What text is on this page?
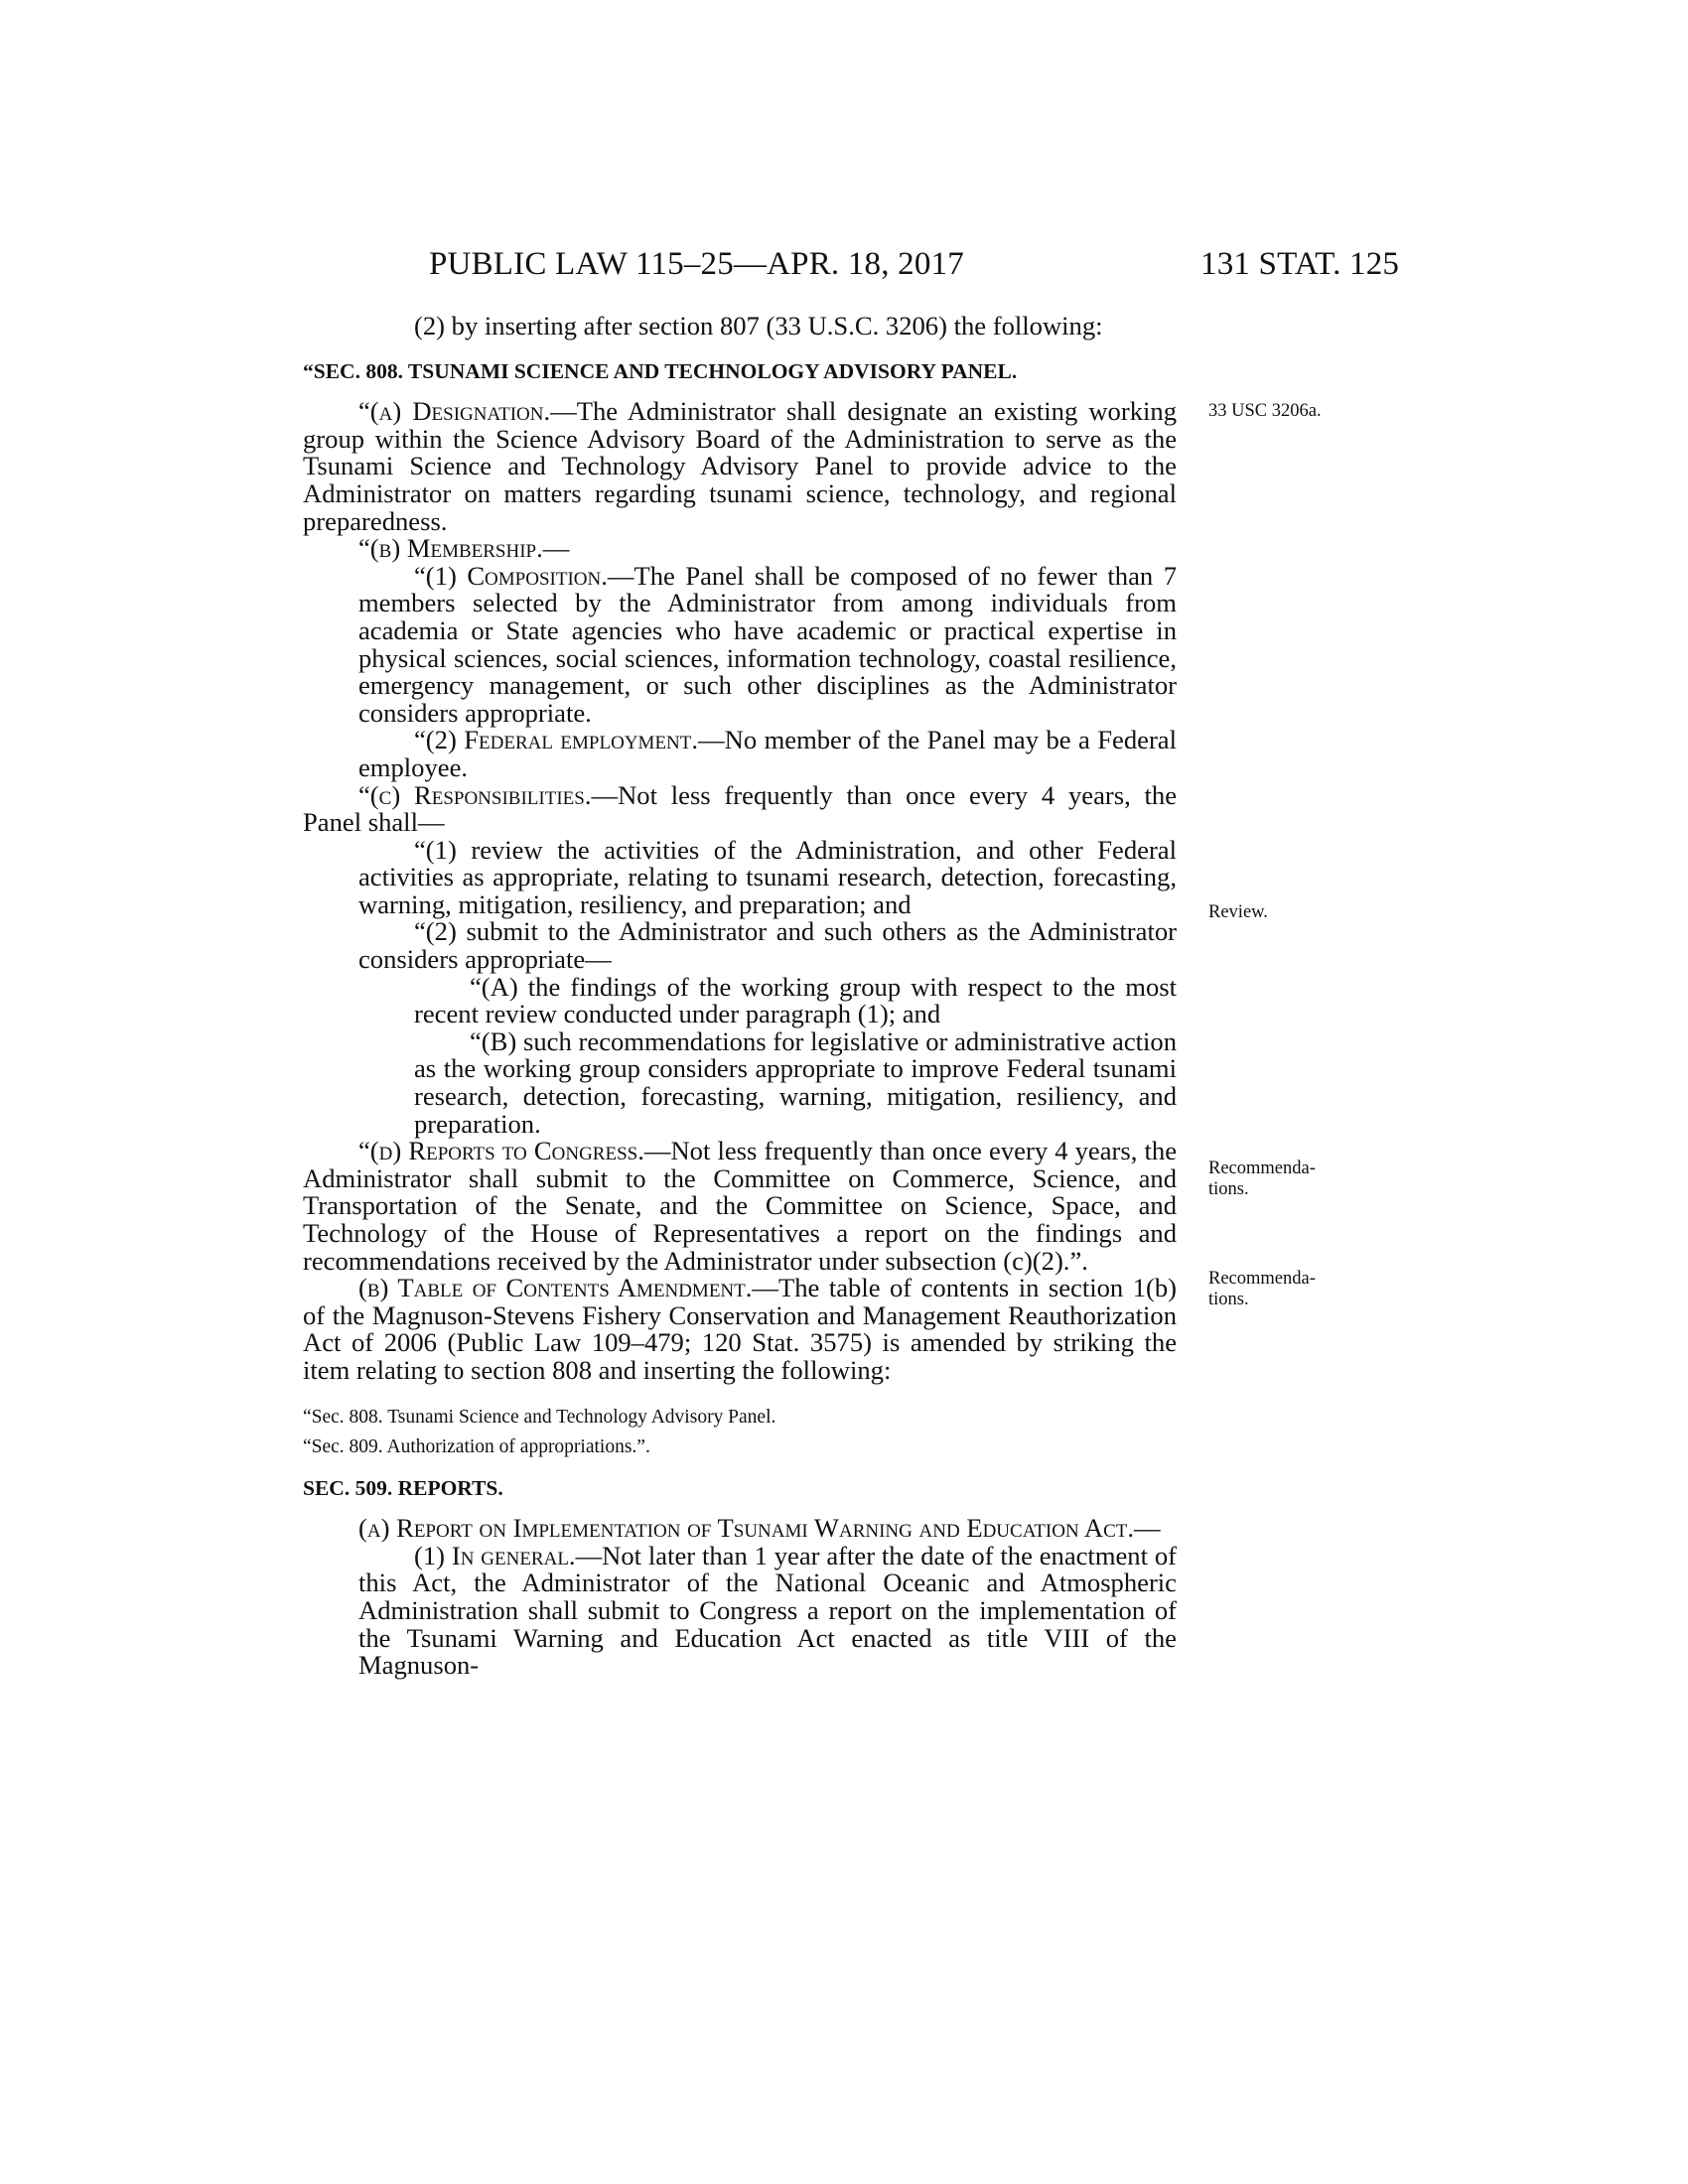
PUBLIC LAW 115–25—APR. 18, 2017	131 STAT. 125

(2) by inserting after section 807 (33 U.S.C. 3206) the following:

“SEC. 808. TSUNAMI SCIENCE AND TECHNOLOGY ADVISORY PANEL.

“(a) Designation.—The Administrator shall designate an existing working group within the Science Advisory Board of the Administration to serve as the Tsunami Science and Technology Advisory Panel to provide advice to the Administrator on matters regarding tsunami science, technology, and regional preparedness.

“(b) Membership.—

“(1) Composition.—The Panel shall be composed of no fewer than 7 members selected by the Administrator from among individuals from academia or State agencies who have academic or practical expertise in physical sciences, social sciences, information technology, coastal resilience, emergency management, or such other disciplines as the Administrator considers appropriate.

“(2) Federal employment.—No member of the Panel may be a Federal employee.

“(c) Responsibilities.—Not less frequently than once every 4 years, the Panel shall—

“(1) review the activities of the Administration, and other Federal activities as appropriate, relating to tsunami research, detection, forecasting, warning, mitigation, resiliency, and preparation; and

“(2) submit to the Administrator and such others as the Administrator considers appropriate—

“(A) the findings of the working group with respect to the most recent review conducted under paragraph (1); and

“(B) such recommendations for legislative or administrative action as the working group considers appropriate to improve Federal tsunami research, detection, forecasting, warning, mitigation, resiliency, and preparation.

“(d) Reports to Congress.—Not less frequently than once every 4 years, the Administrator shall submit to the Committee on Commerce, Science, and Transportation of the Senate, and the Committee on Science, Space, and Technology of the House of Representatives a report on the findings and recommendations received by the Administrator under subsection (c)(2).”.

(b) Table of Contents Amendment.—The table of contents in section 1(b) of the Magnuson-Stevens Fishery Conservation and Management Reauthorization Act of 2006 (Public Law 109–479; 120 Stat. 3575) is amended by striking the item relating to section 808 and inserting the following:

“Sec. 808. Tsunami Science and Technology Advisory Panel.

“Sec. 809. Authorization of appropriations.”.

SEC. 509. REPORTS.

(a) Report on Implementation of Tsunami Warning and Education Act.—

(1) In general.—Not later than 1 year after the date of the enactment of this Act, the Administrator of the National Oceanic and Atmospheric Administration shall submit to Congress a report on the implementation of the Tsunami Warning and Education Act enacted as title VIII of the Magnuson-

33 USC 3206a.
Review.
Recommenda-
tions.
Recommenda-
tions.
